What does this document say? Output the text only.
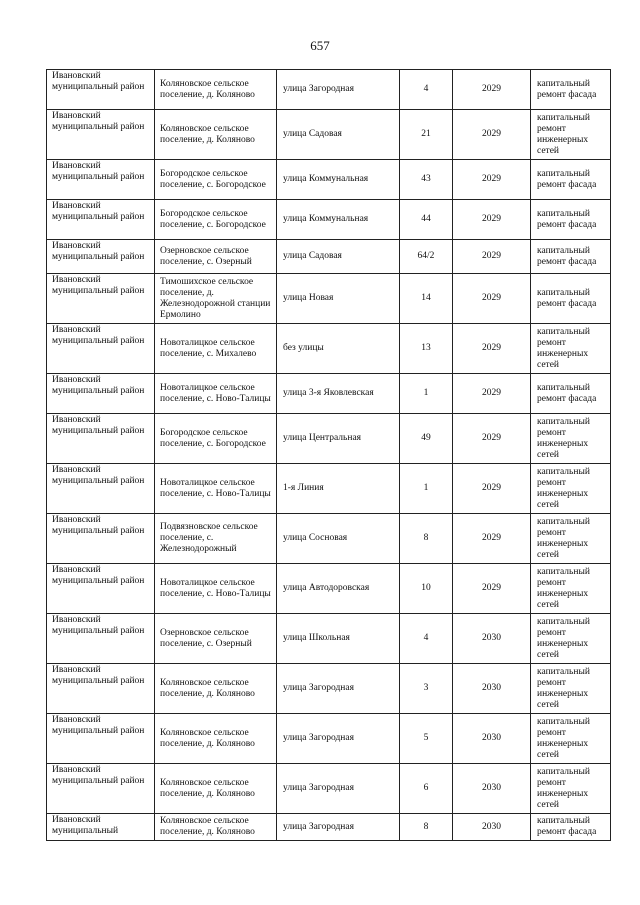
657
Ивановский муниципальный район	Коляновское сельское поселение, д. Коляново	улица Загородная	4	2029	капитальный ремонт фасада
Ивановский муниципальный район	Коляновское сельское поселение, д. Коляново	улица Садовая	21	2029	капитальный ремонт инженерных сетей
Ивановский муниципальный район	Богородское сельское поселение, с. Богородское	улица Коммунальная	43	2029	капитальный ремонт фасада
Ивановский муниципальный район	Богородское сельское поселение, с. Богородское	улица Коммунальная	44	2029	капитальный ремонт фасада
Ивановский муниципальный район	Озерновское сельское поселение, с. Озерный	улица Садовая	64/2	2029	капитальный ремонт фасада
Ивановский муниципальный район	Тимошихское сельское поселение, д. Железнодорожной станции Ермолино	улица Новая	14	2029	капитальный ремонт фасада
Ивановский муниципальный район	Новоталицкое сельское поселение, с. Михалево	без улицы	13	2029	капитальный ремонт инженерных сетей
Ивановский муниципальный район	Новоталицкое сельское поселение, с. Ново-Талицы	улица 3-я Яковлевская	1	2029	капитальный ремонт фасада
Ивановский муниципальный район	Богородское сельское поселение, с. Богородское	улица Центральная	49	2029	капитальный ремонт инженерных сетей
Ивановский муниципальный район	Новоталицкое сельское поселение, с. Ново-Талицы	1-я Линия	1	2029	капитальный ремонт инженерных сетей
Ивановский муниципальный район	Подвязновское сельское поселение, с. Железнодорожный	улица Сосновая	8	2029	капитальный ремонт инженерных сетей
Ивановский муниципальный район	Новоталицкое сельское поселение, с. Ново-Талицы	улица Автодоровская	10	2029	капитальный ремонт инженерных сетей
Ивановский муниципальный район	Озерновское сельское поселение, с. Озерный	улица Школьная	4	2030	капитальный ремонт инженерных сетей
Ивановский муниципальный район	Коляновское сельское поселение, д. Коляново	улица Загородная	3	2030	капитальный ремонт инженерных сетей
Ивановский муниципальный район	Коляновское сельское поселение, д. Коляново	улица Загородная	5	2030	капитальный ремонт инженерных сетей
Ивановский муниципальный район	Коляновское сельское поселение, д. Коляново	улица Загородная	6	2030	капитальный ремонт инженерных сетей
Ивановский муниципальный	Коляновское сельское поселение, д. Коляново	улица Загородная	8	2030	капитальный ремонт фасада
